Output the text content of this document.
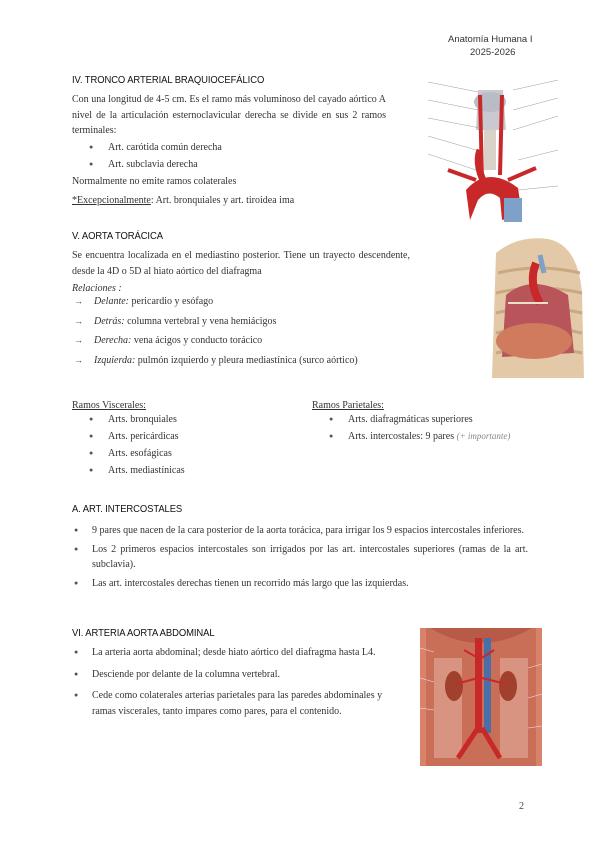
Anatomía Humana I
2025-2026
IV. TRONCO ARTERIAL BRAQUIOCEFÁLICO
Con una longitud de 4-5 cm. Es el ramo más voluminoso del cayado aórtico A nivel de la articulación esternoclavicular derecha se divide en sus 2 ramos terminales:
● Art. carótida común derecha
● Art. subclavia derecha
Normalmente no emite ramos colaterales
*Excepcionalmente: Art. bronquiales y art. tiroidea ima
V. AORTA TORÁCICA
Se encuentra localizada en el mediastino posterior. Tiene un trayecto descendente, desde la 4D o 5D al hiato aórtico del diafragma
Relaciones :
→ Delante: pericardio y esófago
→ Detrás: columna vertebral y vena hemiácigos
→ Derecha: vena ácigos y conducto torácico
→ Izquierda: pulmón izquierdo y pleura mediastínica (surco aórtico)
Ramos Viscerales:
● Arts. bronquiales
● Arts. pericárdicas
● Arts. esofágicas
● Arts. mediastínicas
Ramos Parietales:
● Arts. diafragmáticas superiores
● Arts. intercostales: 9 pares (+ importante)
A. ART. INTERCOSTALES
● 9 pares que nacen de la cara posterior de la aorta torácica, para irrigar los 9 espacios intercostales inferiores.
● Los 2 primeros espacios intercostales son irrigados por las art. intercostales superiores (ramas de la art. subclavia).
● Las art. intercostales derechas tienen un recorrido más largo que las izquierdas.
VI. ARTERIA AORTA ABDOMINAL
● La arteria aorta abdominal; desde hiato aórtico del diafragma hasta L4.
● Desciende por delante de la columna vertebral.
● Cede como colaterales arterias parietales para las paredes abdominales y ramas viscerales, tanto impares como pares, para el contenido.
2
